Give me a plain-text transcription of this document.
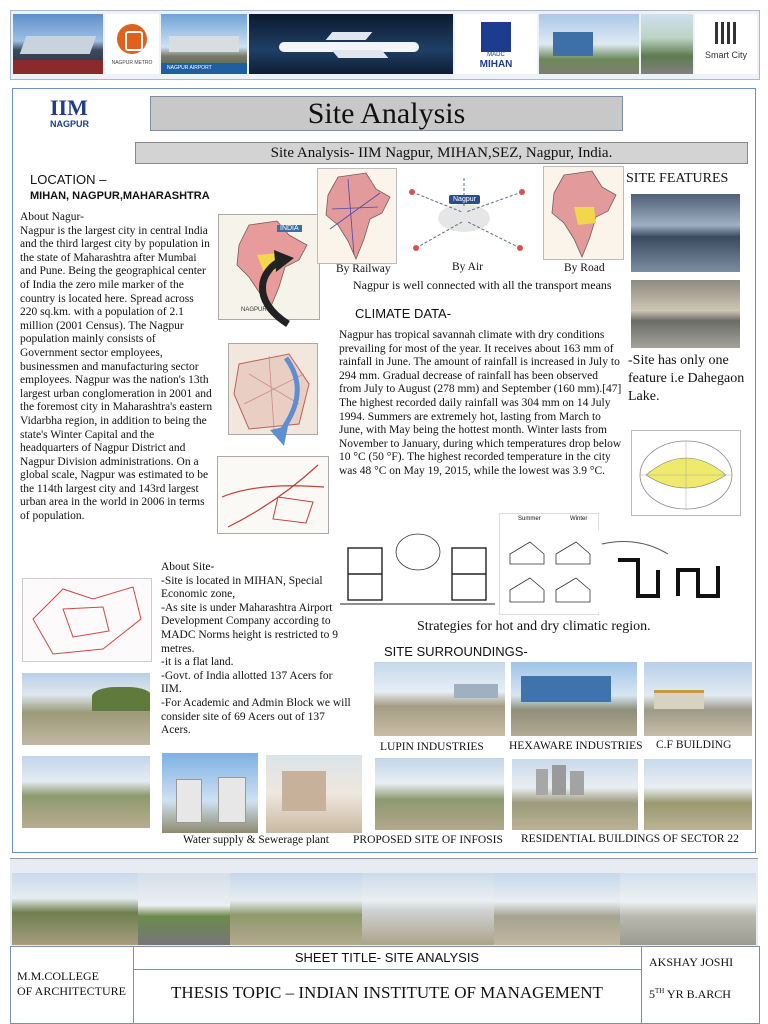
NAGPUR METRO
NAGPUR AIRPORT
MADC
MIHAN
Smart City
IIM
NAGPUR	Site Analysis
Site Analysis- IIM Nagpur, MIHAN,SEZ, Nagpur, India.
LOCATION –
MIHAN, NAGPUR,MAHARASHTRA
About Nagur-
Nagpur is the largest city in central India and the third largest city by population in the state of Maharashtra after Mumbai and Pune. Being the geographical center of India the zero mile marker of the country is located here. Spread across 220 sq.km. with a population of 2.1 million (2001 Census). The Nagpur population mainly consists of Government sector employees, businessmen and manufacturing sector employees. Nagpur was the nation's 13th largest urban conglomeration in 2001 and the foremost city in Maharashtra's eastern Vidarbha region, in addition to being the state's Winter Capital and the headquarters of Nagpur District and Nagpur Division administrations. On a global scale, Nagpur was estimated to be the 114th largest city and 143rd largest urban area in the world in 2006 in terms of population.
INDIA
NAGPUR
About Site-
-Site is located in MIHAN, Special Economic zone,
-As site is under Maharashtra Airport Development Company according to MADC Norms height is restricted to 9 metres.
-it is a flat land.
-Govt. of India allotted 137 Acers for IIM.
-For Academic and Admin Block we will consider site of 69 Acers out of 137 Acers.
Water supply & Sewerage plant
Nagpur
By Railway	By Air	By Road
Nagpur is well connected with all the transport means
SITE FEATURES
-Site has only one feature i.e Dahegaon Lake.
CLIMATE DATA-
Nagpur has tropical savannah climate with dry conditions prevailing for most of the year. It receives about 163 mm of rainfall in June. The amount of rainfall is increased in July to 294 mm. Gradual decrease of rainfall has been observed from July to August (278 mm) and September (160 mm).[47] The highest recorded daily rainfall was 304 mm on 14 July 1994. Summers are extremely hot, lasting from March to June, with May being the hottest month. Winter lasts from November to January, during which temperatures drop below 10 °C (50 °F). The highest recorded temperature in the city was 48 °C on May 19, 2015, while the lowest was 3.9 °C.
Summer	Winter
Strategies for hot and dry climatic region.
SITE SURROUNDINGS-
LUPIN INDUSTRIES HEXAWARE INDUSTRIES C.F BUILDING
PROPOSED SITE OF INFOSIS RESIDENTIAL BUILDINGS OF SECTOR 22
M.M.COLLEGE
OF ARCHITECTURE
SHEET TITLE- SITE ANALYSIS
THESIS TOPIC – INDIAN INSTITUTE OF MANAGEMENT
AKSHAY JOSHI
5TH YR B.ARCH
